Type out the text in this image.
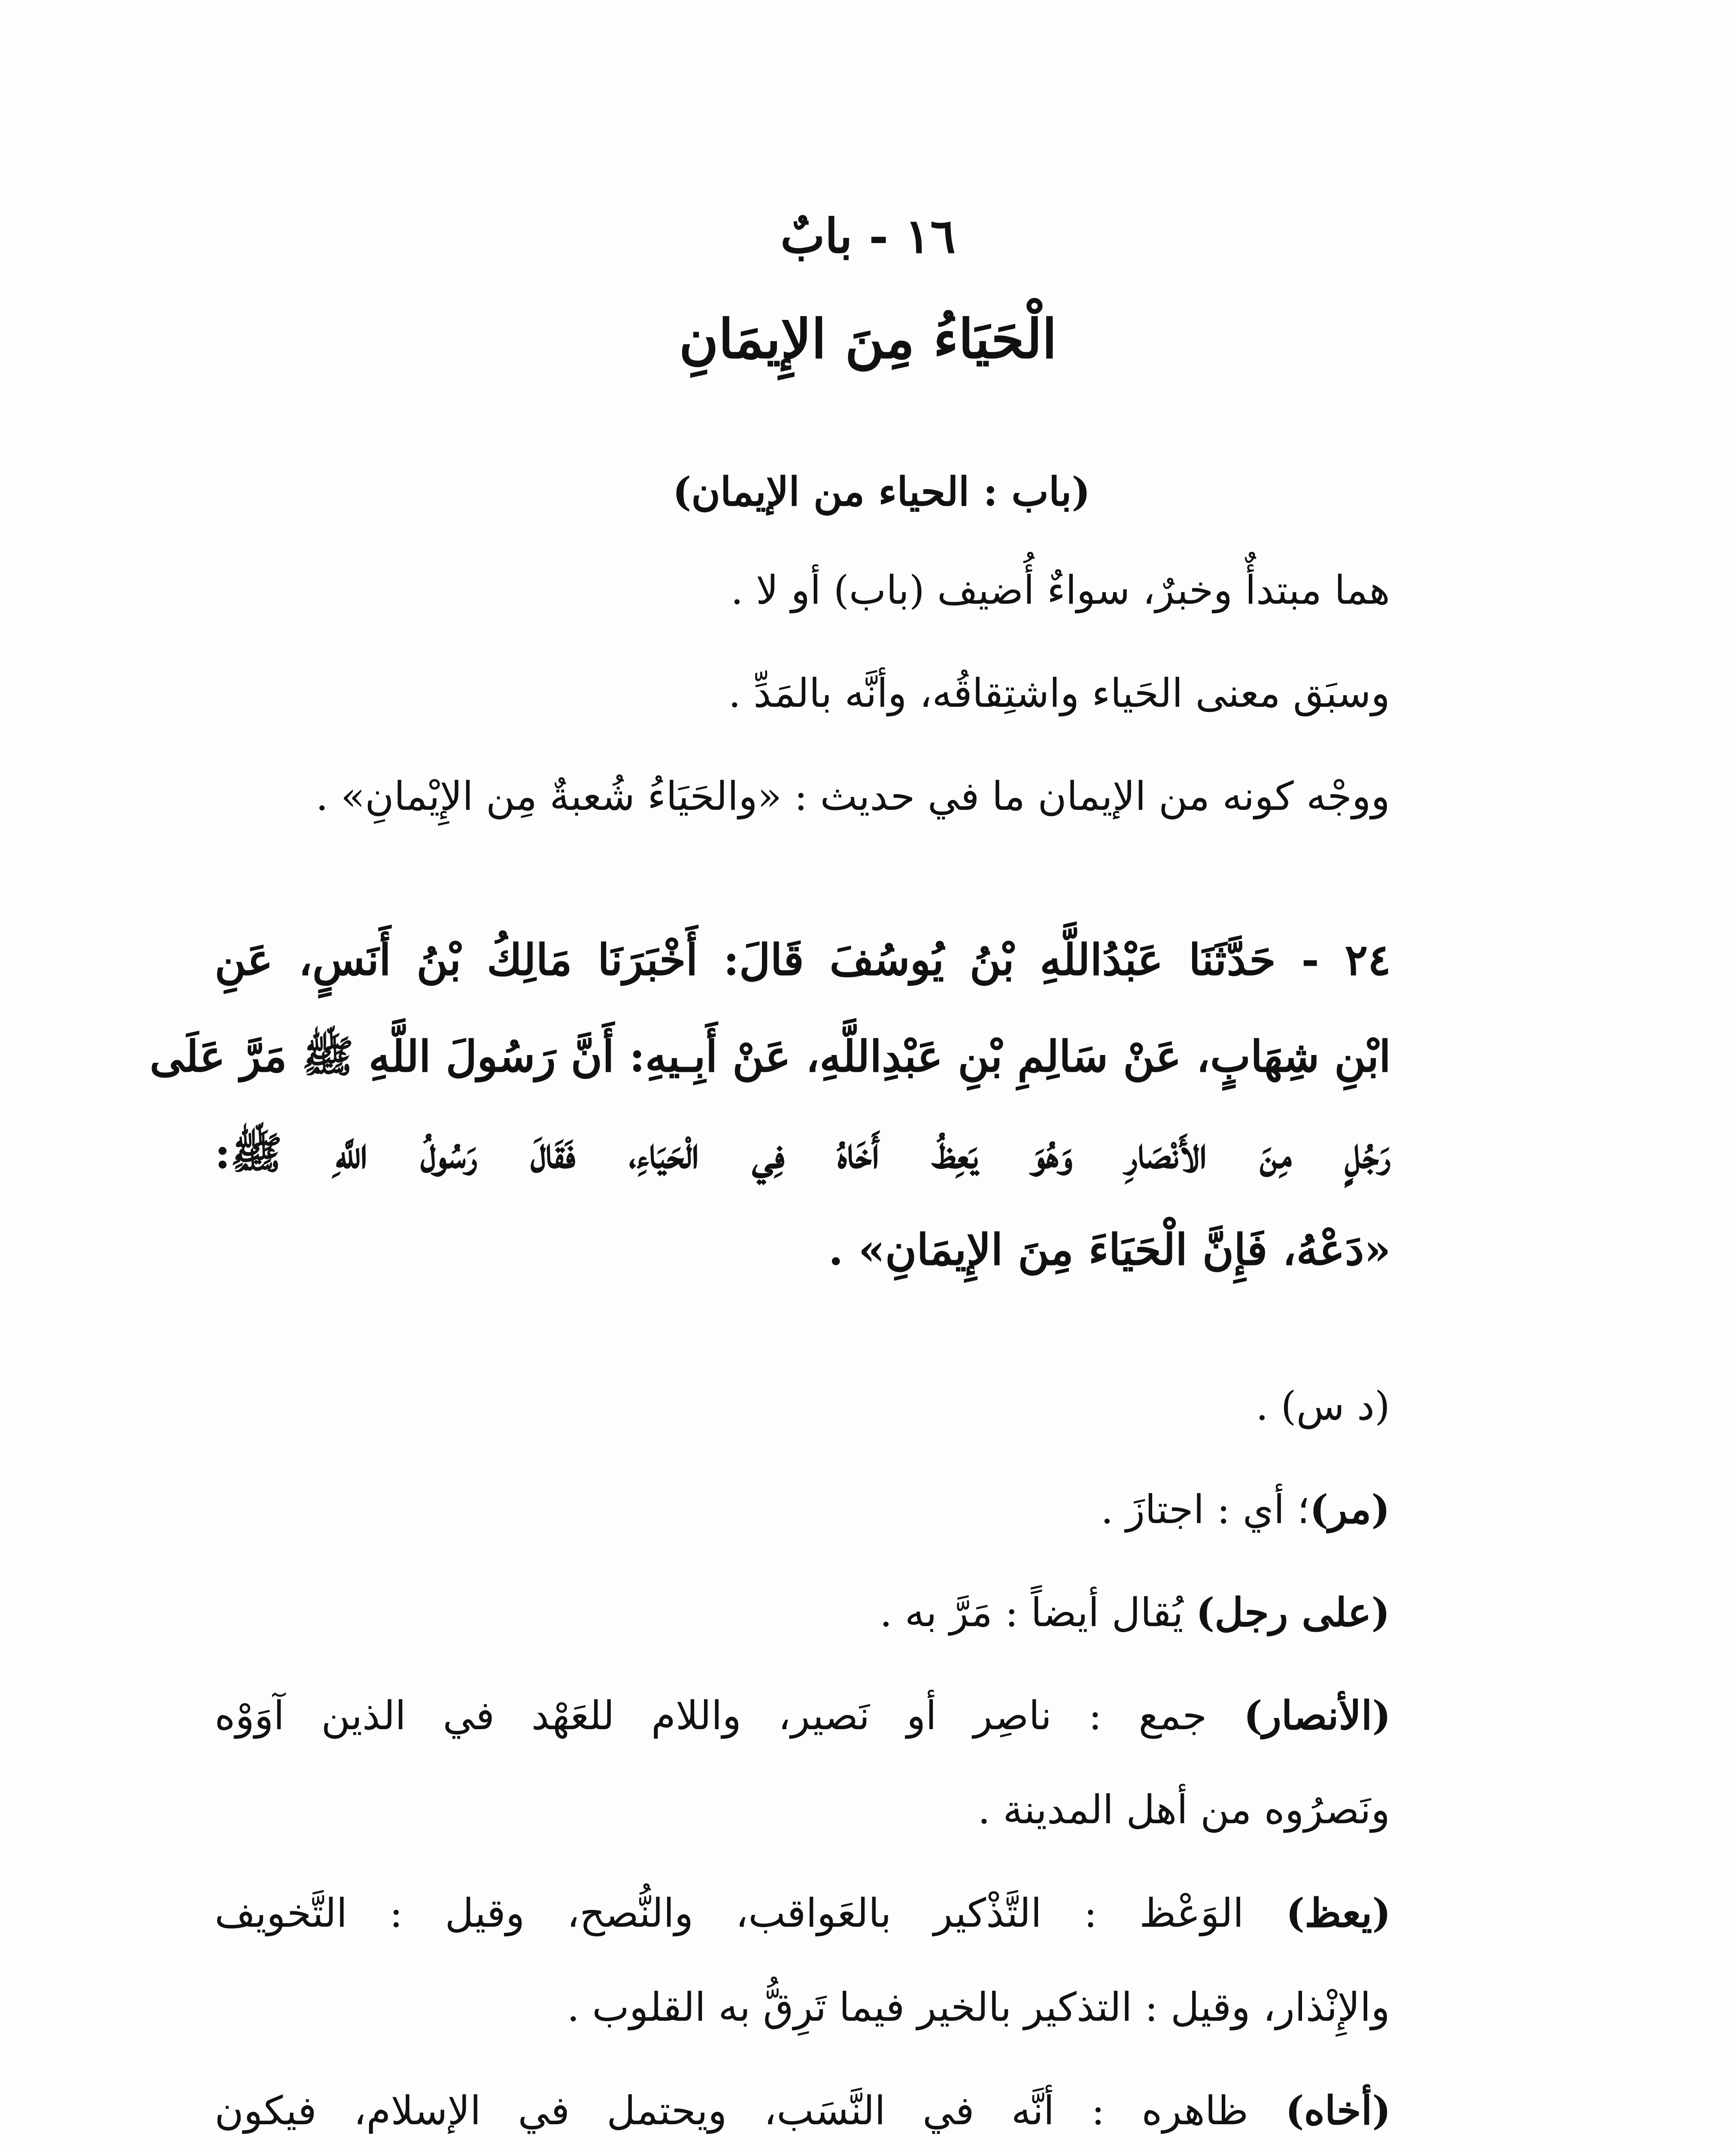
١٦ - بابٌ
الْحَيَاءُ مِنَ الإِيمَانِ
(باب : الحياء من الإيمان)
هما مبتدأٌ وخبرٌ، سواءٌ أُضيف (باب) أو لا .
وسبَق معنى الحَياء واشتِقاقُه، وأنَّه بالمَدِّ .
ووجْه كونه من الإيمان ما في حديث : «والحَيَاءُ شُعبةٌ مِن الإِيْمانِ» .
٢٤ - حَدَّثَنَا عَبْدُاللَّهِ بْنُ يُوسُفَ قَالَ: أَخْبَرَنَا مَالِكُ بْنُ أَنَسٍ، عَنِ
ابْنِ شِهَابٍ، عَنْ سَالِمِ بْنِ عَبْدِاللَّهِ، عَنْ أَبِـيهِ: أَنَّ رَسُولَ اللَّهِ ﷺ مَرَّ عَلَى
رَجُلٍ مِنَ الأَنْصَارِ وَهُوَ يَعِظُ أَخَاهُ فِي الْحَيَاءِ، فَقَالَ رَسُولُ اللَّهِ ﷺ:
«دَعْهُ، فَإِنَّ الْحَيَاءَ مِنَ الإِيمَانِ» .
(د س) .
(مر)؛ أي : اجتازَ .
(على رجل) يُقال أيضاً : مَرَّ به .
(الأنصار) جمع : ناصِر أو نَصير، واللام للعَهْد في الذين آوَوْه
ونَصرُوه من أهل المدينة .
(يعظ) الوَعْظ : التَّذْكير بالعَواقب، والنُّصح، وقيل : التَّخويف
والإِنْذار، وقيل : التذكير بالخير فيما تَرِقُّ به القلوب .
(أخاه) ظاهره : أنَّه في النَّسَب، ويحتمل في الإسلام، فيكون
